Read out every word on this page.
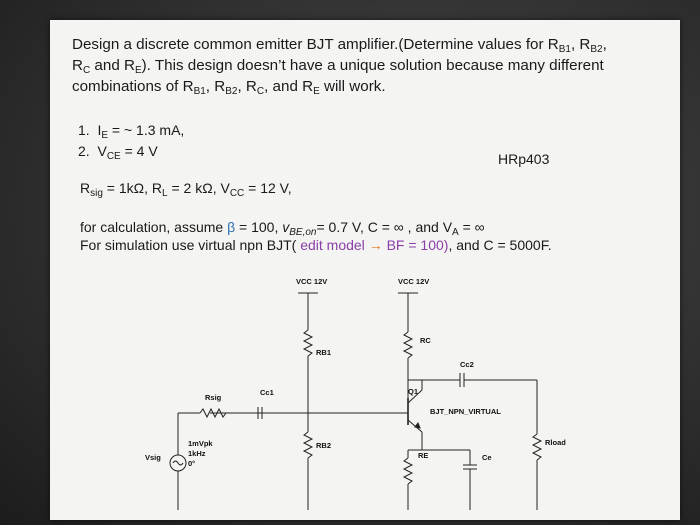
Design a discrete common emitter BJT amplifier.(Determine values for $R_{B1}$, $R_{B2}$,
$R_C$ and $R_E$). This design doesn’t have a unique solution because many different
combinations of $R_{B1}$, $R_{B2}$, $R_C$, and $R_E$ will work.
1. $I_E$ = ~ 1.3 mA,
2. $V_{CE} = 4$ V	HRp403
$R_{sig} = 1k\Omega$, $R_L = 2$ kΩ, $V_{CC} = 12$ V,
for calculation, assume β = 100, $v_{BE,on}= 0.7$ V, C = ∞ , and $V_A$ = ∞
For simulation use virtual npn BJT( edit model → BF = 100), and C = 5000F.
VCC 12V	VCC 12V
RB1
RC
Cc2
Q1
BJT_NPN_VIRTUAL
Rsig
Cc1
Vsig
1mVpk
1kHz
0°
RB2
RE	Ce
Rload
